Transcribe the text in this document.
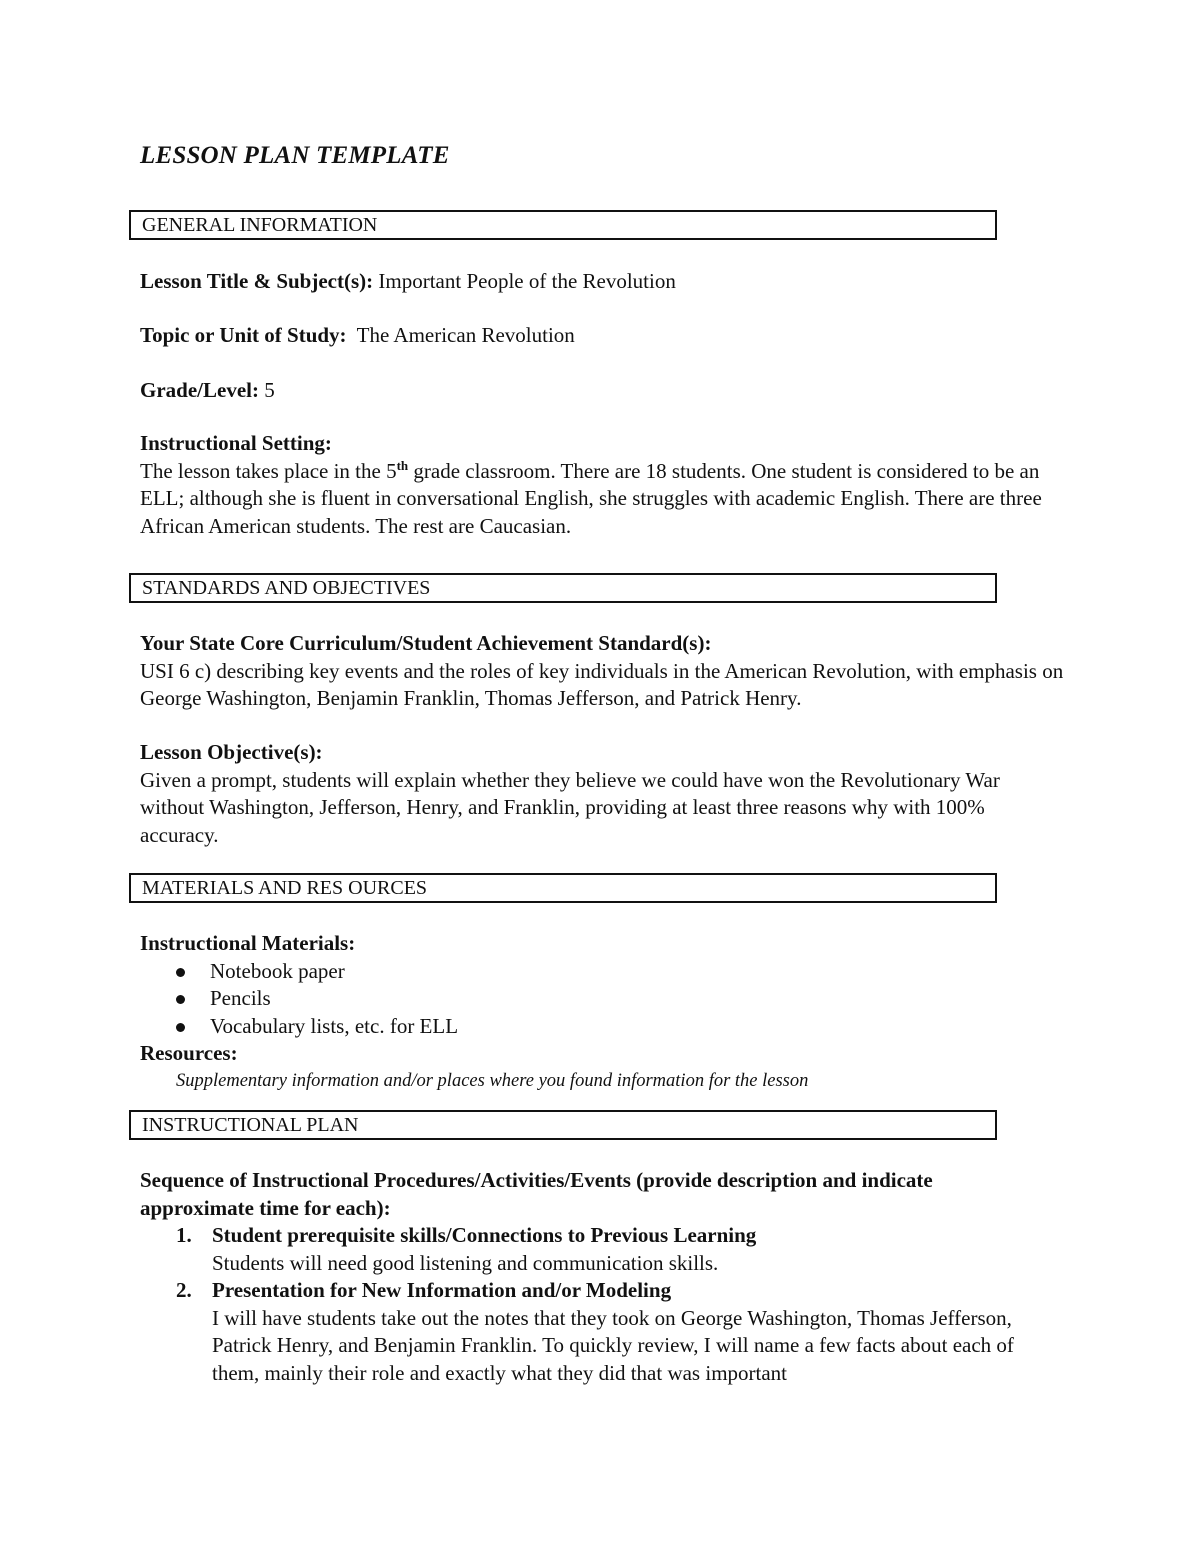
LESSON PLAN TEMPLATE
GENERAL INFORMATION
Lesson Title & Subject(s): Important People of the Revolution
Topic or Unit of Study: The American Revolution
Grade/Level: 5
Instructional Setting:

The lesson takes place in the 5th grade classroom. There are 18 students. One student is considered to be an ELL; although she is fluent in conversational English, she struggles with academic English. There are three African American students. The rest are Caucasian.

STANDARDS AND OBJECTIVES
Your State Core Curriculum/Student Achievement Standard(s):

USI 6 c) describing key events and the roles of key individuals in the American Revolution, with emphasis on George Washington, Benjamin Franklin, Thomas Jefferson, and Patrick Henry.

Lesson Objective(s):

Given a prompt, students will explain whether they believe we could have won the Revolutionary War without Washington, Jefferson, Henry, and Franklin, providing at least three reasons why with 100% accuracy.

MATERIALS AND RES OURCES
Instructional Materials:
Notebook paper
Pencils
Vocabulary lists, etc. for ELL
Resources:
Supplementary information and/or places where you found information for the lesson
INSTRUCTIONAL PLAN
Sequence of Instructional Procedures/Activities/Events (provide description and indicate approximate time for each):
1. Student prerequisite skills/Connections to Previous Learning
Students will need good listening and communication skills.
2. Presentation for New Information and/or Modeling
I will have students take out the notes that they took on George Washington, Thomas Jefferson, Patrick Henry, and Benjamin Franklin. To quickly review, I will name a few facts about each of them, mainly their role and exactly what they did that was important
